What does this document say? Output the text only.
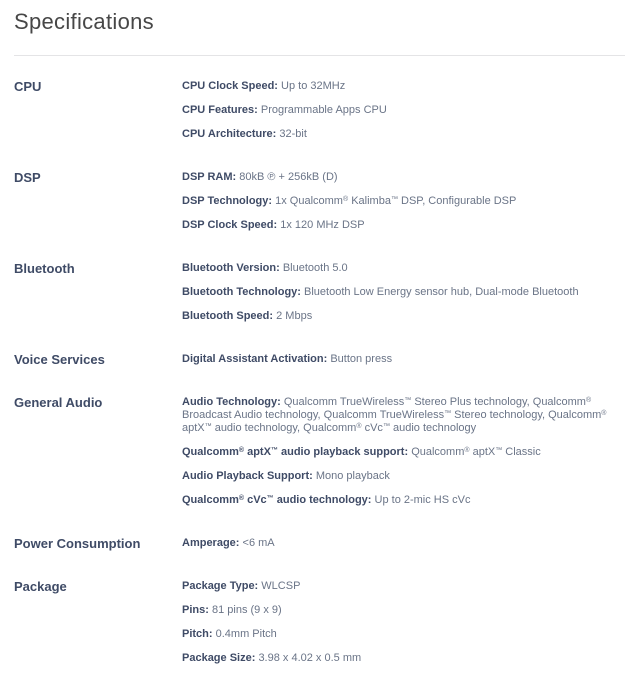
Specifications
CPU	CPU Clock Speed: Up to 32MHz

CPU Features: Programmable Apps CPU

CPU Architecture: 32-bit

DSP	DSP RAM: 80kB ℗ + 256kB (D)

DSP Technology: 1x Qualcomm® Kalimba™ DSP, Configurable DSP

DSP Clock Speed: 1x 120 MHz DSP

Bluetooth	Bluetooth Version: Bluetooth 5.0

Bluetooth Technology: Bluetooth Low Energy sensor hub, Dual-mode Bluetooth

Bluetooth Speed: 2 Mbps

Voice Services	Digital Assistant Activation: Button press

General Audio	Audio Technology: Qualcomm TrueWireless™ Stereo Plus technology, Qualcomm® Broadcast Audio technology, Qualcomm TrueWireless™ Stereo technology, Qualcomm® aptX™ audio technology, Qualcomm® cVc™ audio technology

Qualcomm® aptX™ audio playback support: Qualcomm® aptX™ Classic

Audio Playback Support: Mono playback

Qualcomm® cVc™ audio technology: Up to 2-mic HS cVc

Power Consumption	Amperage: <6 mA

Package	Package Type: WLCSP

Pins: 81 pins (9 x 9)

Pitch: 0.4mm Pitch

Package Size: 3.98 x 4.02 x 0.5 mm
